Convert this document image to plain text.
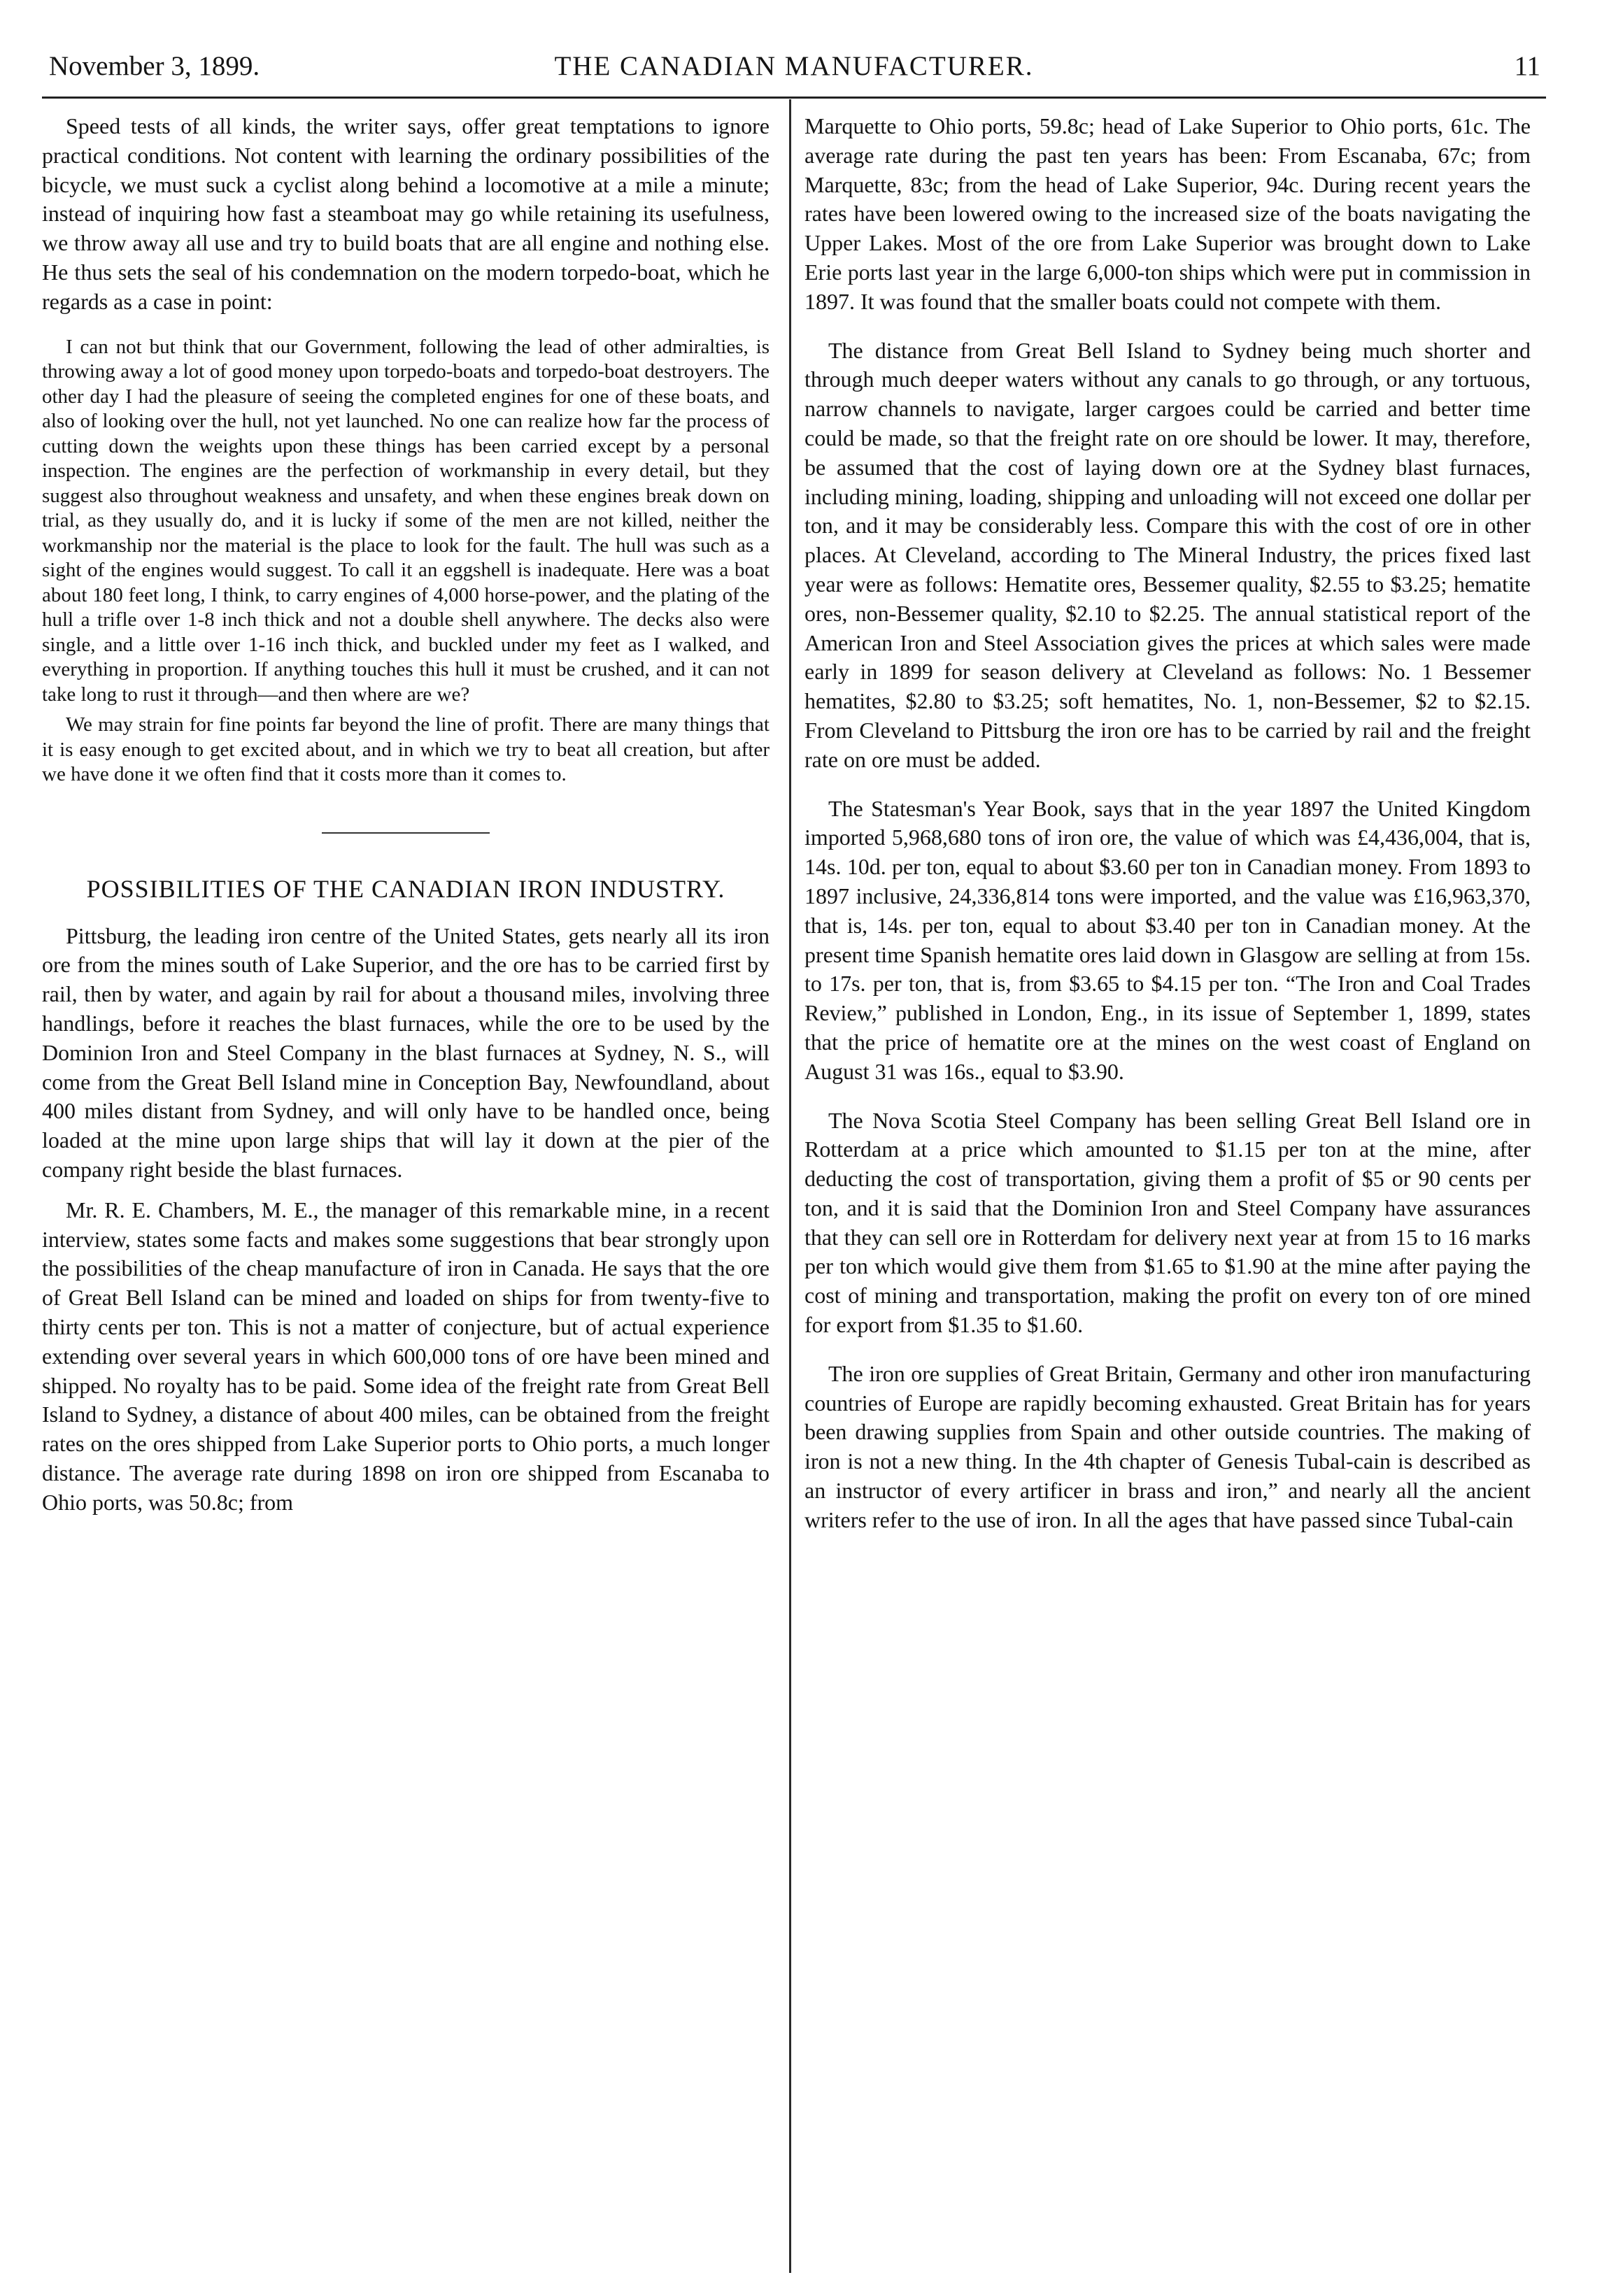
November 3, 1899.	THE CANADIAN MANUFACTURER.	11

Speed tests of all kinds, the writer says, offer great temptations to ignore practical conditions. Not content with learning the ordinary possibilities of the bicycle, we must suck a cyclist along behind a locomotive at a mile a minute; instead of inquiring how fast a steamboat may go while retaining its usefulness, we throw away all use and try to build boats that are all engine and nothing else. He thus sets the seal of his condemnation on the modern torpedo-boat, which he regards as a case in point:

I can not but think that our Government, following the lead of other admiralties, is throwing away a lot of good money upon torpedo-boats and torpedo-boat destroyers. The other day I had the pleasure of seeing the completed engines for one of these boats, and also of looking over the hull, not yet launched. No one can realize how far the process of cutting down the weights upon these things has been carried except by a personal inspection. The engines are the perfection of workmanship in every detail, but they suggest also throughout weakness and unsafety, and when these engines break down on trial, as they usually do, and it is lucky if some of the men are not killed, neither the workmanship nor the material is the place to look for the fault. The hull was such as a sight of the engines would suggest. To call it an eggshell is inadequate. Here was a boat about 180 feet long, I think, to carry engines of 4,000 horse-power, and the plating of the hull a trifle over 1-8 inch thick and not a double shell anywhere. The decks also were single, and a little over 1-16 inch thick, and buckled under my feet as I walked, and everything in proportion. If anything touches this hull it must be crushed, and it can not take long to rust it through—and then where are we?

We may strain for fine points far beyond the line of profit. There are many things that it is easy enough to get excited about, and in which we try to beat all creation, but after we have done it we often find that it costs more than it comes to.

POSSIBILITIES OF THE CANADIAN IRON INDUSTRY.

Pittsburg, the leading iron centre of the United States, gets nearly all its iron ore from the mines south of Lake Superior, and the ore has to be carried first by rail, then by water, and again by rail for about a thousand miles, involving three handlings, before it reaches the blast furnaces, while the ore to be used by the Dominion Iron and Steel Company in the blast furnaces at Sydney, N. S., will come from the Great Bell Island mine in Conception Bay, Newfoundland, about 400 miles distant from Sydney, and will only have to be handled once, being loaded at the mine upon large ships that will lay it down at the pier of the company right beside the blast furnaces.

Mr. R. E. Chambers, M. E., the manager of this remarkable mine, in a recent interview, states some facts and makes some suggestions that bear strongly upon the possibilities of the cheap manufacture of iron in Canada. He says that the ore of Great Bell Island can be mined and loaded on ships for from twenty-five to thirty cents per ton. This is not a matter of conjecture, but of actual experience extending over several years in which 600,000 tons of ore have been mined and shipped. No royalty has to be paid. Some idea of the freight rate from Great Bell Island to Sydney, a distance of about 400 miles, can be obtained from the freight rates on the ores shipped from Lake Superior ports to Ohio ports, a much longer distance. The average rate during 1898 on iron ore shipped from Escanaba to Ohio ports, was 50.8c; from

Marquette to Ohio ports, 59.8c; head of Lake Superior to Ohio ports, 61c. The average rate during the past ten years has been: From Escanaba, 67c; from Marquette, 83c; from the head of Lake Superior, 94c. During recent years the rates have been lowered owing to the increased size of the boats navigating the Upper Lakes. Most of the ore from Lake Superior was brought down to Lake Erie ports last year in the large 6,000-ton ships which were put in commission in 1897. It was found that the smaller boats could not compete with them.

The distance from Great Bell Island to Sydney being much shorter and through much deeper waters without any canals to go through, or any tortuous, narrow channels to navigate, larger cargoes could be carried and better time could be made, so that the freight rate on ore should be lower. It may, therefore, be assumed that the cost of laying down ore at the Sydney blast furnaces, including mining, loading, shipping and unloading will not exceed one dollar per ton, and it may be considerably less. Compare this with the cost of ore in other places. At Cleveland, according to The Mineral Industry, the prices fixed last year were as follows: Hematite ores, Bessemer quality, $2.55 to $3.25; hematite ores, non-Bessemer quality, $2.10 to $2.25. The annual statistical report of the American Iron and Steel Association gives the prices at which sales were made early in 1899 for season delivery at Cleveland as follows: No. 1 Bessemer hematites, $2.80 to $3.25; soft hematites, No. 1, non-Bessemer, $2 to $2.15. From Cleveland to Pittsburg the iron ore has to be carried by rail and the freight rate on ore must be added.

The Statesman's Year Book, says that in the year 1897 the United Kingdom imported 5,968,680 tons of iron ore, the value of which was £4,436,004, that is, 14s. 10d. per ton, equal to about $3.60 per ton in Canadian money. From 1893 to 1897 inclusive, 24,336,814 tons were imported, and the value was £16,963,370, that is, 14s. per ton, equal to about $3.40 per ton in Canadian money. At the present time Spanish hematite ores laid down in Glasgow are selling at from 15s. to 17s. per ton, that is, from $3.65 to $4.15 per ton. “The Iron and Coal Trades Review,” published in London, Eng., in its issue of September 1, 1899, states that the price of hematite ore at the mines on the west coast of England on August 31 was 16s., equal to $3.90.

The Nova Scotia Steel Company has been selling Great Bell Island ore in Rotterdam at a price which amounted to $1.15 per ton at the mine, after deducting the cost of transportation, giving them a profit of $5 or 90 cents per ton, and it is said that the Dominion Iron and Steel Company have assurances that they can sell ore in Rotterdam for delivery next year at from 15 to 16 marks per ton which would give them from $1.65 to $1.90 at the mine after paying the cost of mining and transportation, making the profit on every ton of ore mined for export from $1.35 to $1.60.

The iron ore supplies of Great Britain, Germany and other iron manufacturing countries of Europe are rapidly becoming exhausted. Great Britain has for years been drawing supplies from Spain and other outside countries. The making of iron is not a new thing. In the 4th chapter of Genesis Tubal-cain is described as an instructor of every artificer in brass and iron,” and nearly all the ancient writers refer to the use of iron. In all the ages that have passed since Tubal-cain
